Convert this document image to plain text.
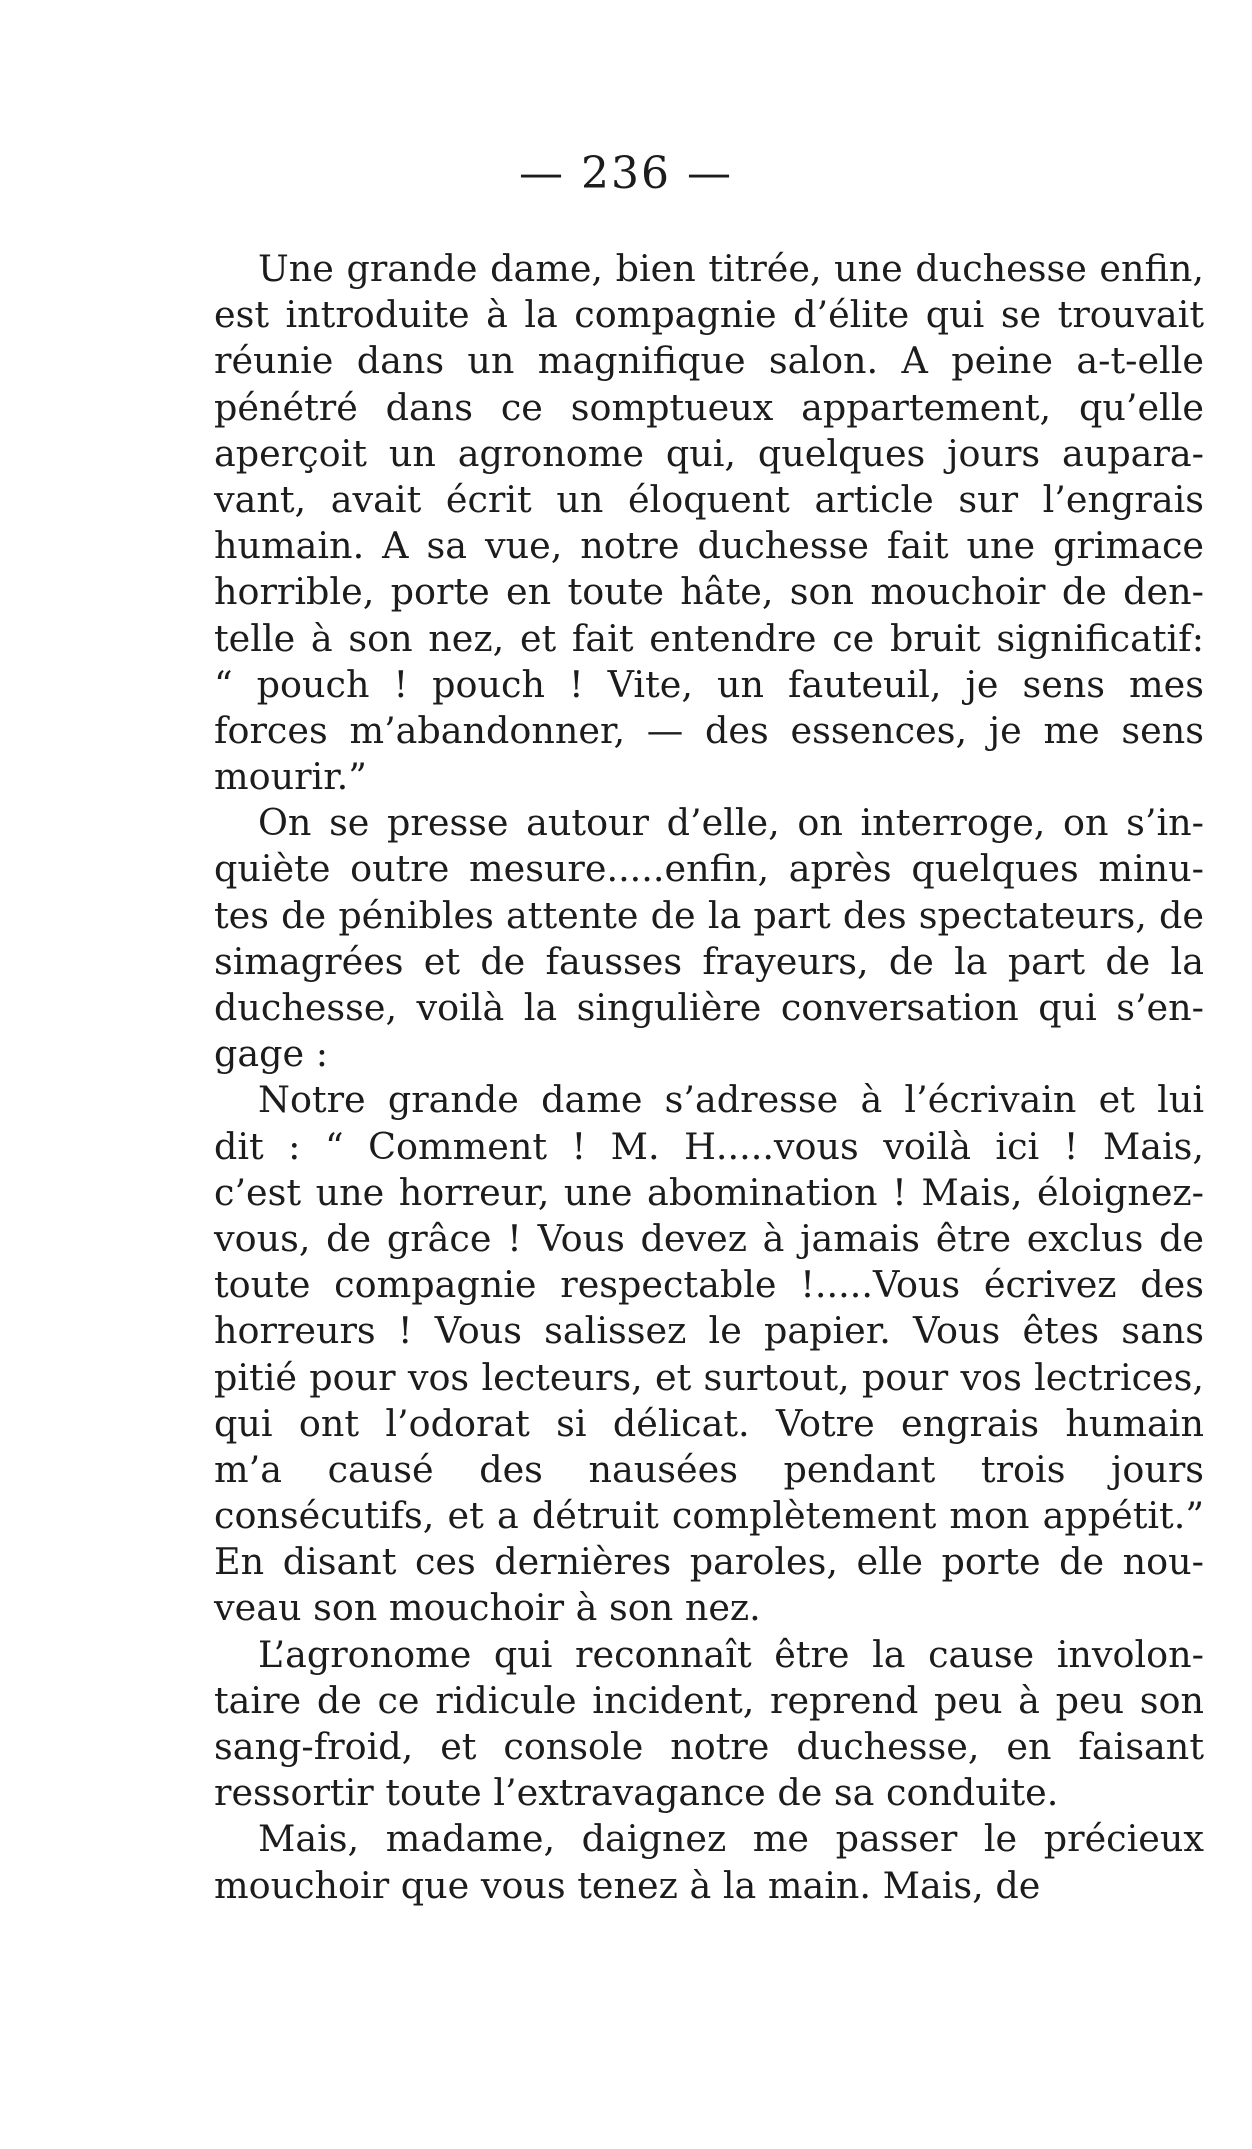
— 236 —
Une grande dame, bien titrée, une duchesse enfin,
est introduite à la compagnie d’élite qui se trouvait
réunie dans un magnifique salon. A peine a-t-elle
pénétré dans ce somptueux appartement, qu’elle
aperçoit un agronome qui, quelques jours aupara-
vant, avait écrit un éloquent article sur l’engrais
humain. A sa vue, notre duchesse fait une grimace
horrible, porte en toute hâte, son mouchoir de den-
telle à son nez, et fait entendre ce bruit significatif:
“ pouch ! pouch ! Vite, un fauteuil, je sens mes
forces m’abandonner, — des essences, je me sens
mourir.”
On se presse autour d’elle, on interroge, on s’in-
quiète outre mesure.....enfin, après quelques minu-
tes de pénibles attente de la part des spectateurs, de
simagrées et de fausses frayeurs, de la part de la
duchesse, voilà la singulière conversation qui s’en-
gage :
Notre grande dame s’adresse à l’écrivain et lui
dit : “ Comment ! M. H.....vous voilà ici ! Mais,
c’est une horreur, une abomination ! Mais, éloignez-
vous, de grâce ! Vous devez à jamais être exclus de
toute compagnie respectable !.....Vous écrivez des
horreurs ! Vous salissez le papier. Vous êtes sans
pitié pour vos lecteurs, et surtout, pour vos lectrices,
qui ont l’odorat si délicat. Votre engrais humain
m’a causé des nausées pendant trois jours
consécutifs, et a détruit complètement mon appétit.”
En disant ces dernières paroles, elle porte de nou-
veau son mouchoir à son nez.
L’agronome qui reconnaît être la cause involon-
taire de ce ridicule incident, reprend peu à peu son
sang-froid, et console notre duchesse, en faisant
ressortir toute l’extravagance de sa conduite.
Mais, madame, daignez me passer le précieux
mouchoir que vous tenez à la main. Mais, de
